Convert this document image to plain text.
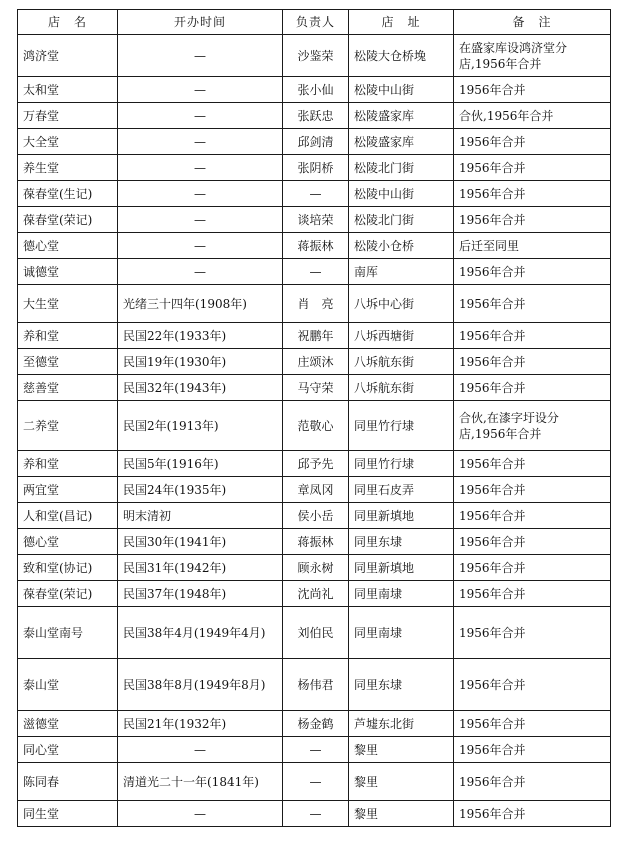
店　名	开办时间	负责人	店　址	备　注
鸿济堂	—	沙鉴荣	松陵大仓桥堍	在盛家库设鸿济堂分店,1956年合并
太和堂	—	张小仙	松陵中山街	1956年合并
万春堂	—	张跃忠	松陵盛家库	合伙,1956年合并
大全堂	—	邱剑清	松陵盛家库	1956年合并
养生堂	—	张阴桥	松陵北门街	1956年合并
葆春堂(生记)	—	—	松陵中山街	1956年合并
葆春堂(荣记)	—	谈培荣	松陵北门街	1956年合并
德心堂	—	蒋振林	松陵小仓桥	后迁至同里
诚德堂	—	—	南厍	1956年合并
大生堂	光绪三十四年(1908年)	肖　亮	八坼中心街	1956年合并
养和堂	民国22年(1933年)	祝鹏年	八坼西塘街	1956年合并
至德堂	民国19年(1930年)	庄颂沐	八坼航东街	1956年合并
慈善堂	民国32年(1943年)	马守荣	八坼航东街	1956年合并
二养堂	民国2年(1913年)	范敬心	同里竹行埭	合伙,在漆字圩设分店,1956年合并
养和堂	民国5年(1916年)	邱予先	同里竹行埭	1956年合并
两宜堂	民国24年(1935年)	章凤冈	同里石皮弄	1956年合并
人和堂(昌记)	明末清初	侯小岳	同里新填地	1956年合并
德心堂	民国30年(1941年)	蒋振林	同里东埭	1956年合并
致和堂(协记)	民国31年(1942年)	顾永树	同里新填地	1956年合并
葆春堂(荣记)	民国37年(1948年)	沈尚礼	同里南埭	1956年合并
泰山堂南号	民国38年4月(1949年4月)	刘伯民	同里南埭	1956年合并
泰山堂	民国38年8月(1949年8月)	杨伟君	同里东埭	1956年合并
滋德堂	民国21年(1932年)	杨金鹤	芦墟东北街	1956年合并
同心堂	—	—	黎里	1956年合并
陈同春	清道光二十一年(1841年)	—	黎里	1956年合并
同生堂	—	—	黎里	1956年合并
